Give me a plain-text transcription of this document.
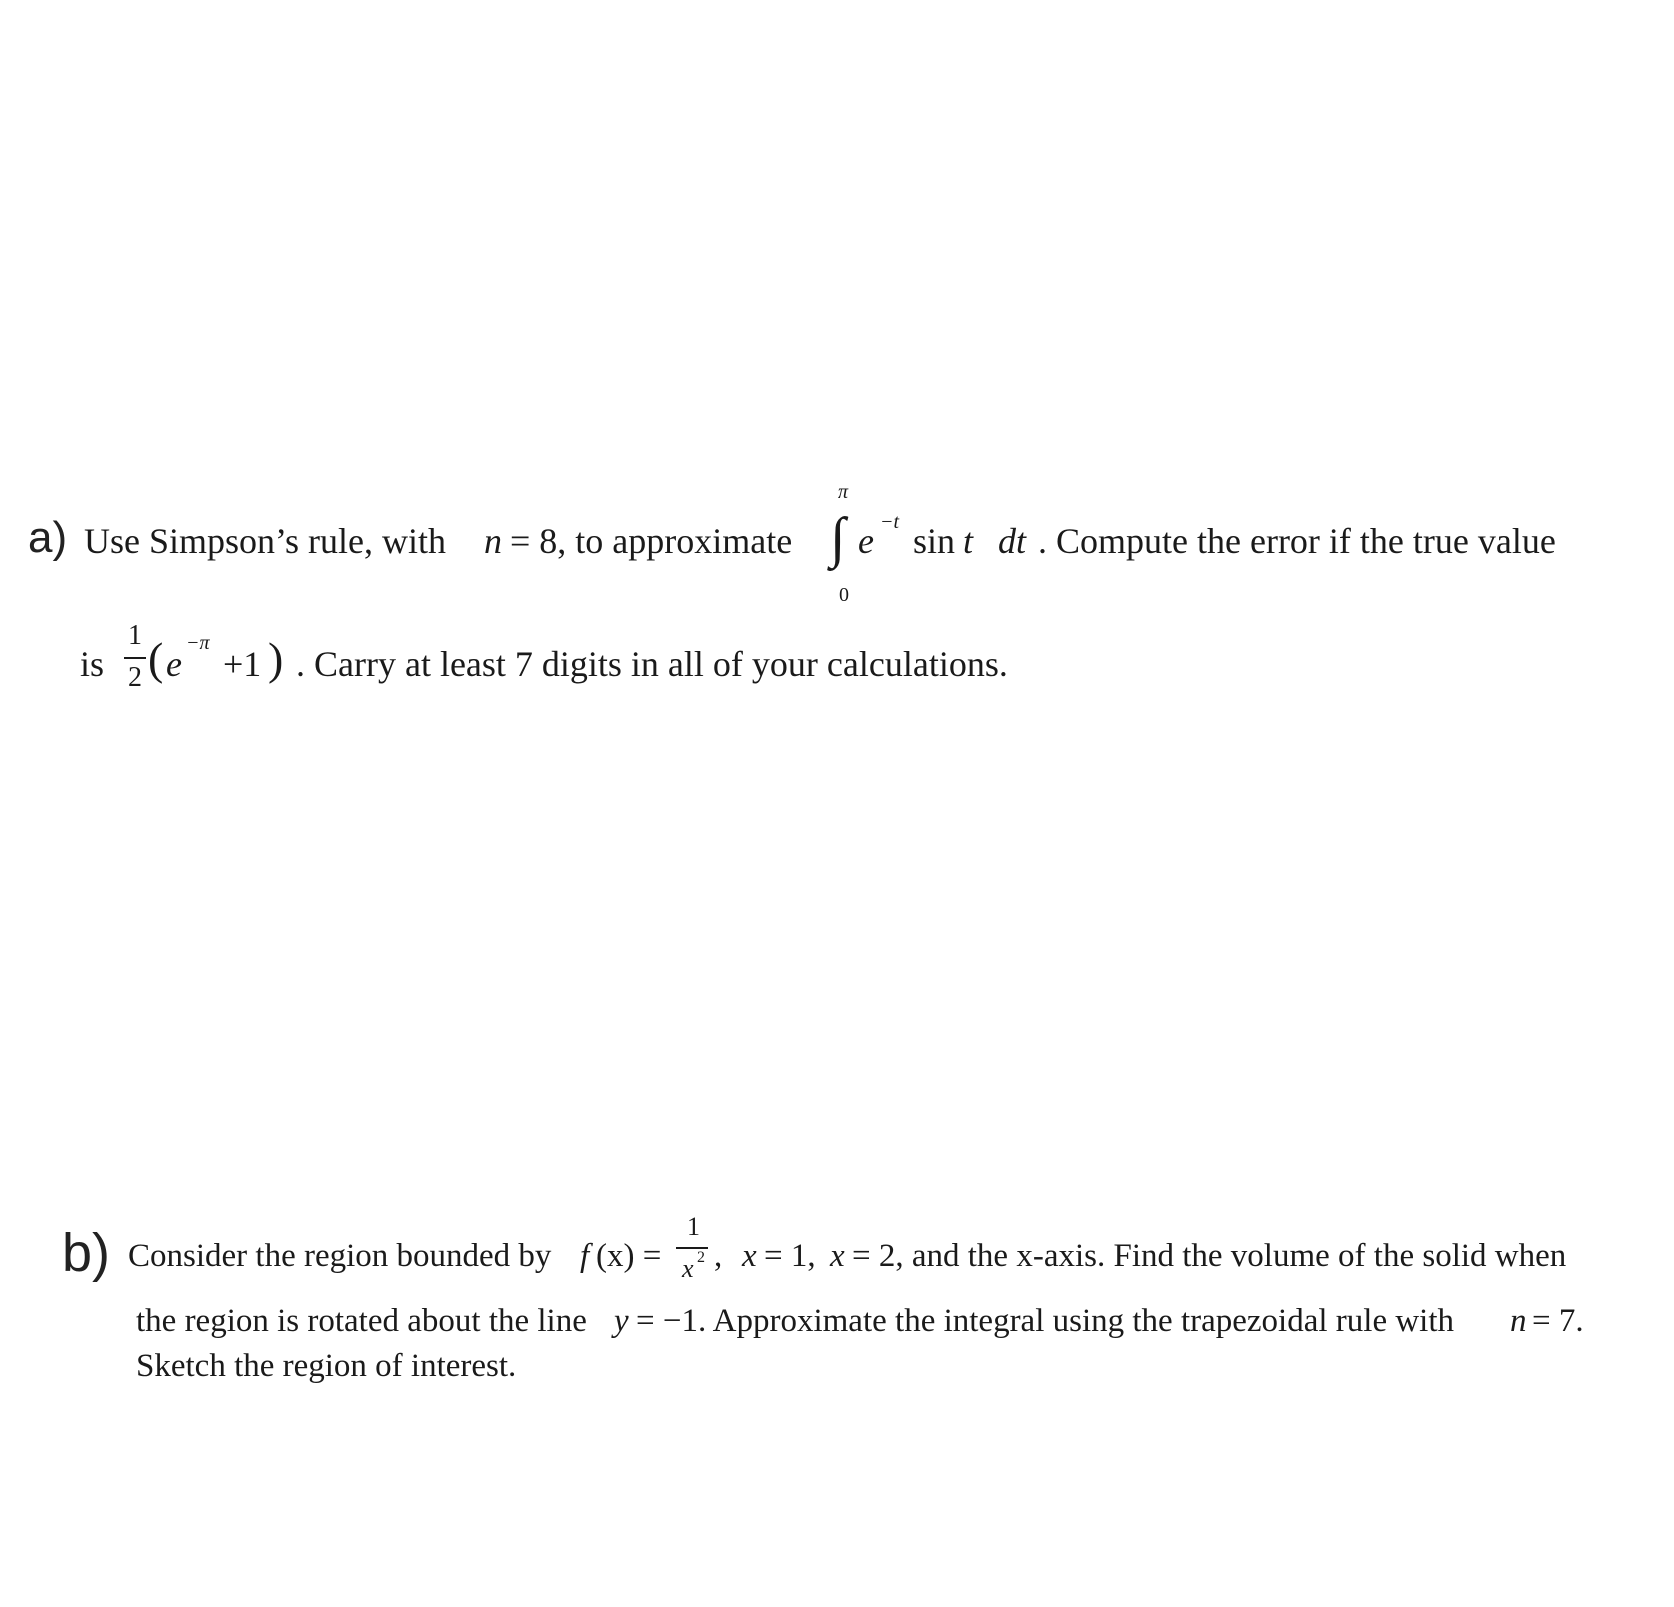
a) Use Simpson’s rule, with n = 8, to approximate
π
∫
0
e −t sin t dt . Compute the error if the true value
is
1
2 ( e
−π
+1 ) . Carry at least 7 digits in all of your calculations.
b) Consider the region bounded by f (x) =
1
x 2 , x = 1, x = 2, and the x-axis. Find the volume of the solid when
the region is rotated about the line y = −1. Approximate the integral using the trapezoidal rule with n = 7.
Sketch the region of interest.
